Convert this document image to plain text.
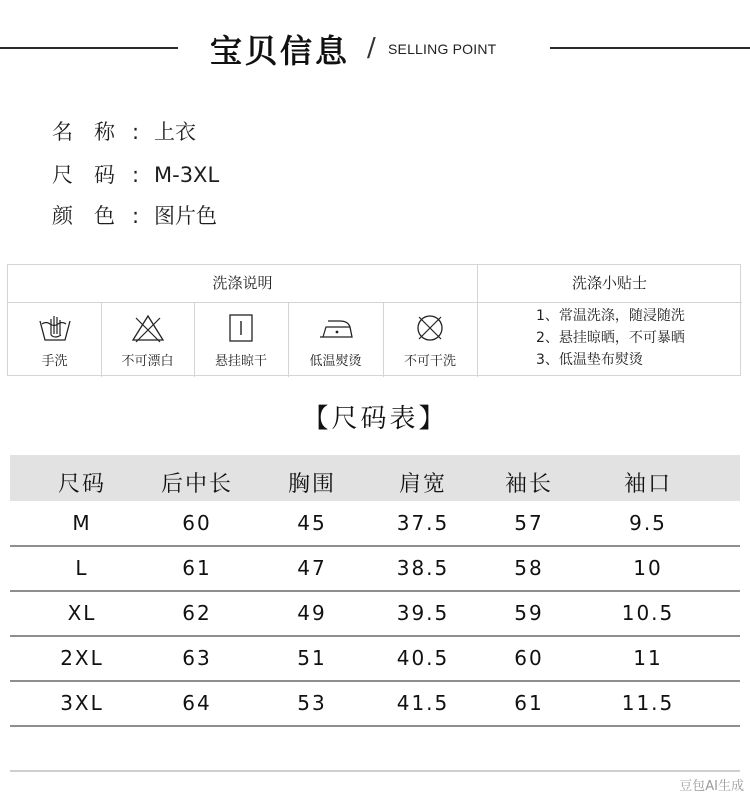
宝贝信息 / SELLING POINT
名 称 : 上衣
尺 码 : M-3XL
颜 色 : 图片色
洗涤说明	洗涤小贴士
手洗	不可漂白	悬挂晾干	低温熨烫	不可干洗
1、常温洗涤，随浸随洗
2、悬挂晾晒，不可暴晒
3、低温垫布熨烫
【尺码表】
尺码	后中长	胸围	肩宽	袖长	袖口
M	60	45	37.5	57	9.5
L	61	47	38.5	58	10
XL	62	49	39.5	59	10.5
2XL	63	51	40.5	60	11
3XL	64	53	41.5	61	11.5
豆包AI生成
